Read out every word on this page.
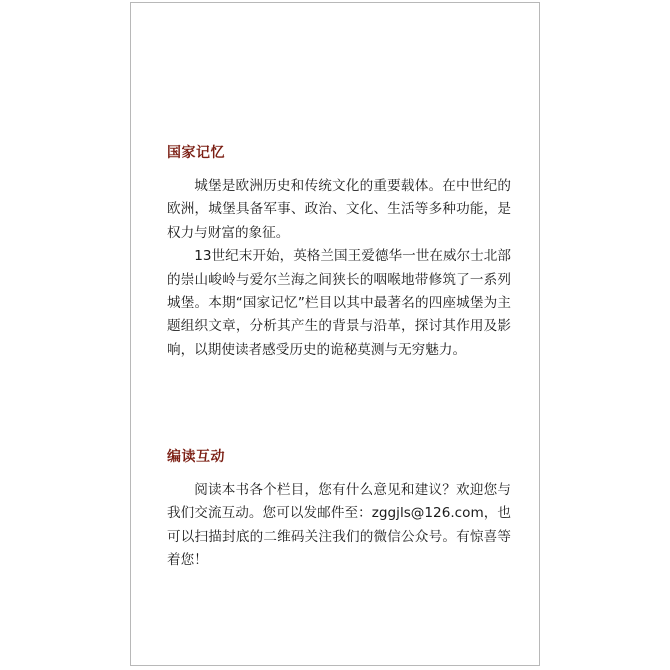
国家记忆

城堡是欧洲历史和传统文化的重要载体。在中世纪的欧洲，城堡具备军事、政治、文化、生活等多种功能，是权力与财富的象征。

13世纪末开始，英格兰国王爱德华一世在威尔士北部的崇山峻岭与爱尔兰海之间狭长的咽喉地带修筑了一系列城堡。本期“国家记忆”栏目以其中最著名的四座城堡为主题组织文章，分析其产生的背景与沿革，探讨其作用及影响，以期使读者感受历史的诡秘莫测与无穷魅力。

编读互动

阅读本书各个栏目，您有什么意见和建议？欢迎您与我们交流互动。您可以发邮件至：zggjls@126.com，也可以扫描封底的二维码关注我们的微信公众号。有惊喜等着您！
